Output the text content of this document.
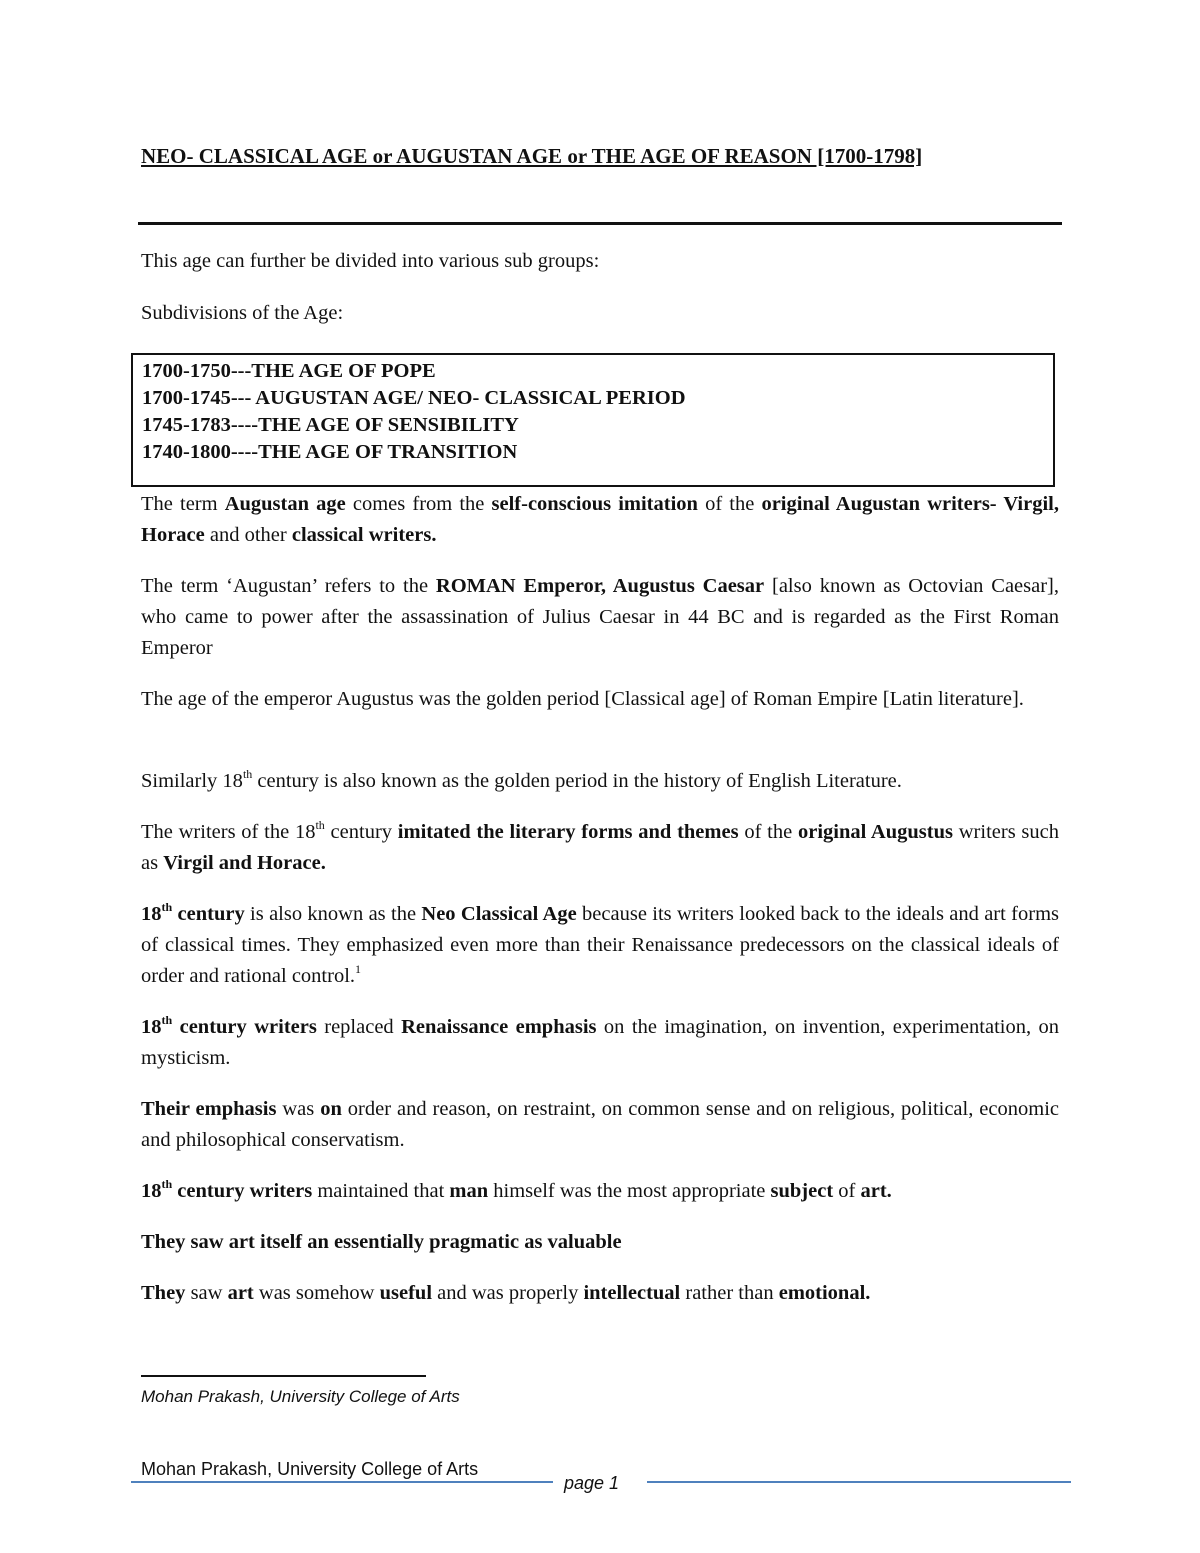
NEO- CLASSICAL AGE or AUGUSTAN AGE or THE AGE OF REASON [1700-1798]
This age can further be divided into various sub groups:
Subdivisions of the Age:
1700-1750---THE AGE OF POPE
1700-1745--- AUGUSTAN AGE/ NEO- CLASSICAL PERIOD
1745-1783----THE AGE OF SENSIBILITY
1740-1800----THE AGE OF TRANSITION
The term Augustan age comes from the self-conscious imitation of the original Augustan writers- Virgil, Horace and other classical writers.
The term ‘Augustan’ refers to the ROMAN Emperor, Augustus Caesar [also known as Octovian Caesar], who came to power after the assassination of Julius Caesar in 44 BC and is regarded as the First Roman Emperor
The age of the emperor Augustus was the golden period [Classical age] of Roman Empire [Latin literature].
Similarly 18th century is also known as the golden period in the history of English Literature.
The writers of the 18th century imitated the literary forms and themes of the original Augustus writers such as Virgil and Horace.
18th century is also known as the Neo Classical Age because its writers looked back to the ideals and art forms of classical times. They emphasized even more than their Renaissance predecessors on the classical ideals of order and rational control.$^1$
18th century writers replaced Renaissance emphasis on the imagination, on invention, experimentation, on mysticism.
Their emphasis was on order and reason, on restraint, on common sense and on religious, political, economic and philosophical conservatism.
18th century writers maintained that man himself was the most appropriate subject of art.
They saw art itself an essentially pragmatic as valuable
They saw art was somehow useful and was properly intellectual rather than emotional.
Mohan Prakash, University College of Arts
Mohan Prakash, University College of Arts
page 1
